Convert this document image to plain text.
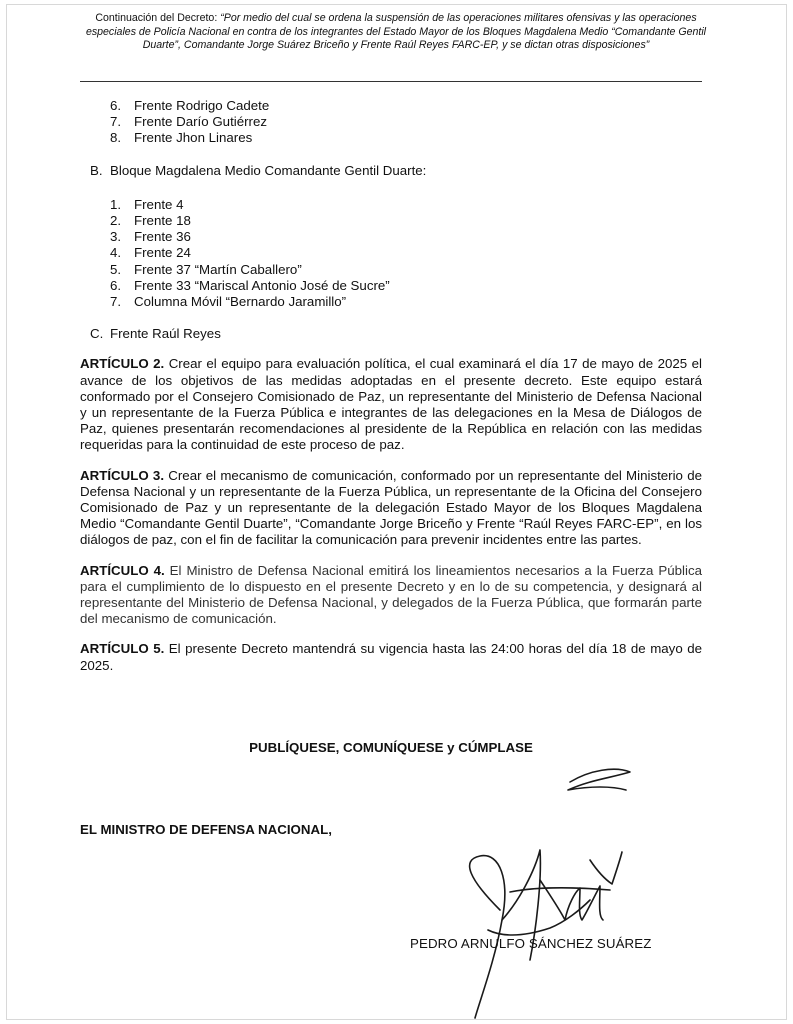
Continuación del Decreto: “Por medio del cual se ordena la suspensión de las operaciones militares ofensivas y las operaciones especiales de Policía Nacional en contra de los integrantes del Estado Mayor de los Bloques Magdalena Medio “Comandante Gentil Duarte”, Comandante Jorge Suárez Briceño y Frente Raúl Reyes FARC-EP, y se dictan otras disposiciones”
6. Frente Rodrigo Cadete
7. Frente Darío Gutiérrez
8. Frente Jhon Linares
B. Bloque Magdalena Medio Comandante Gentil Duarte:
1. Frente 4
2. Frente 18
3. Frente 36
4. Frente 24
5. Frente 37 “Martín Caballero”
6. Frente 33 “Mariscal Antonio José de Sucre”
7. Columna Móvil “Bernardo Jaramillo”
C. Frente Raúl Reyes

ARTÍCULO 2. Crear el equipo para evaluación política, el cual examinará el día 17 de mayo de 2025 el avance de los objetivos de las medidas adoptadas en el presente decreto. Este equipo estará conformado por el Consejero Comisionado de Paz, un representante del Ministerio de Defensa Nacional y un representante de la Fuerza Pública e integrantes de las delegaciones en la Mesa de Diálogos de Paz, quienes presentarán recomendaciones al presidente de la República en relación con las medidas requeridas para la continuidad de este proceso de paz.

ARTÍCULO 3. Crear el mecanismo de comunicación, conformado por un representante del Ministerio de Defensa Nacional y un representante de la Fuerza Pública, un representante de la Oficina del Consejero Comisionado de Paz y un representante de la delegación Estado Mayor de los Bloques Magdalena Medio “Comandante Gentil Duarte”, “Comandante Jorge Briceño y Frente “Raúl Reyes FARC-EP”, en los diálogos de paz, con el fin de facilitar la comunicación para prevenir incidentes entre las partes.

ARTÍCULO 4. El Ministro de Defensa Nacional emitirá los lineamientos necesarios a la Fuerza Pública para el cumplimiento de lo dispuesto en el presente Decreto y en lo de su competencia, y designará al representante del Ministerio de Defensa Nacional, y delegados de la Fuerza Pública, que formarán parte del mecanismo de comunicación.

ARTÍCULO 5. El presente Decreto mantendrá su vigencia hasta las 24:00 horas del día 18 de mayo de 2025.

PUBLÍQUESE, COMUNÍQUESE y CÚMPLASE
EL MINISTRO DE DEFENSA NACIONAL,
PEDRO ARNULFO SÁNCHEZ SUÁREZ
